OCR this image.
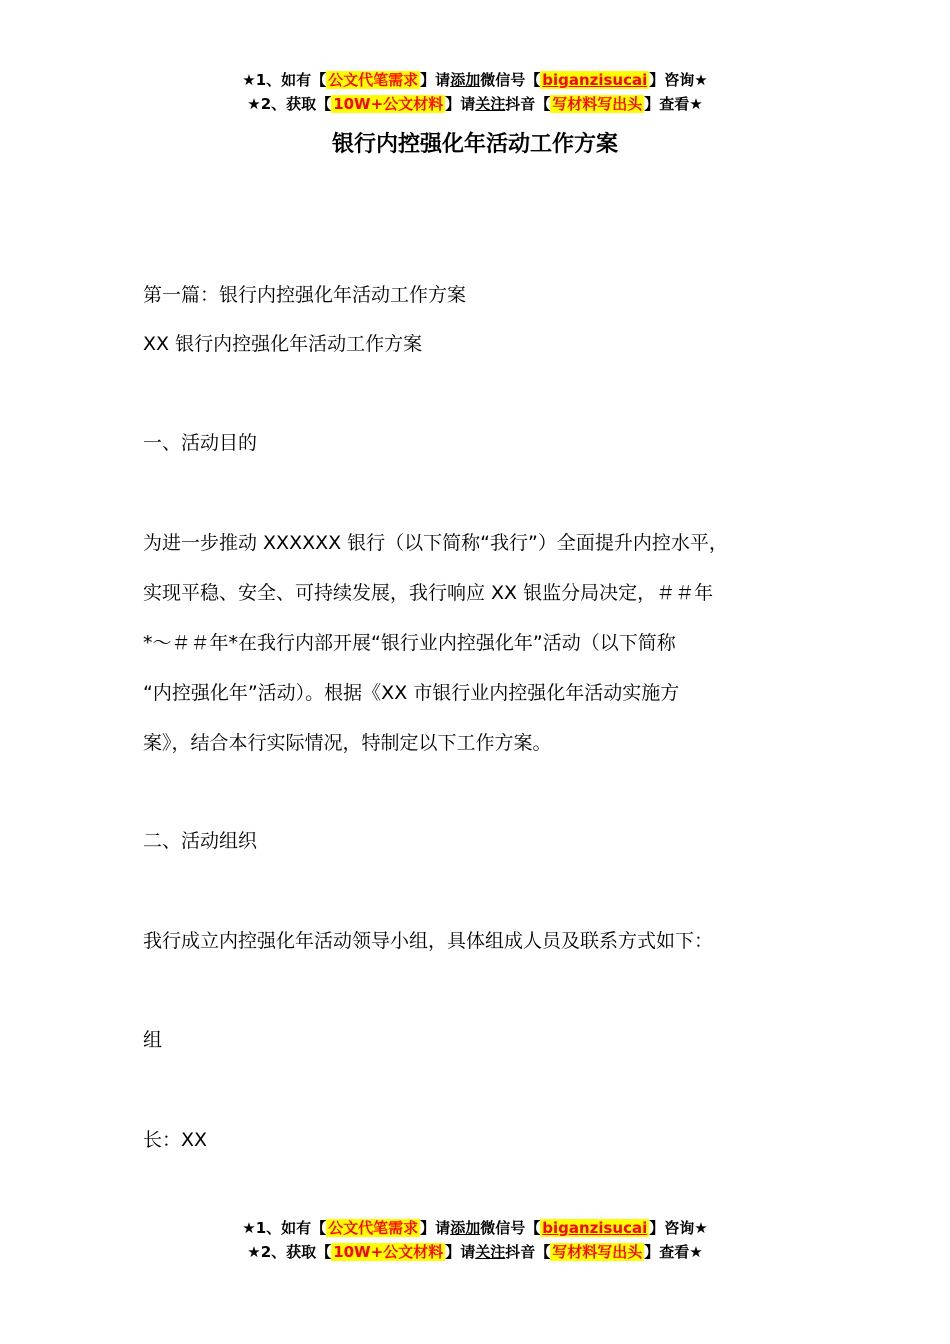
★1、如有【 公文代笔需求 】请添加微信号【 biganzisucai 】咨询★
★2、获取【 10W+公文材料 】请关注抖音【 写材料写出头 】查看★
银行内控强化年活动工作方案
第一篇：银行内控强化年活动工作方案
XX 银行内控强化年活动工作方案
一、活动目的
为进一步推动 XXXXXX 银行（以下简称“我行”）全面提升内控水平，
实现平稳、安全、可持续发展，我行响应 XX 银监分局决定，＃＃年
*～＃＃年*在我行内部开展“银行业内控强化年”活动（以下简称
“内控强化年”活动）。根据《XX 市银行业内控强化年活动实施方
案》，结合本行实际情况，特制定以下工作方案。
二、活动组织
我行成立内控强化年活动领导小组，具体组成人员及联系方式如下：
组
长：XX
★1、如有【 公文代笔需求 】请添加微信号【 biganzisucai 】咨询★
★2、获取【 10W+公文材料 】请关注抖音【 写材料写出头 】查看★
